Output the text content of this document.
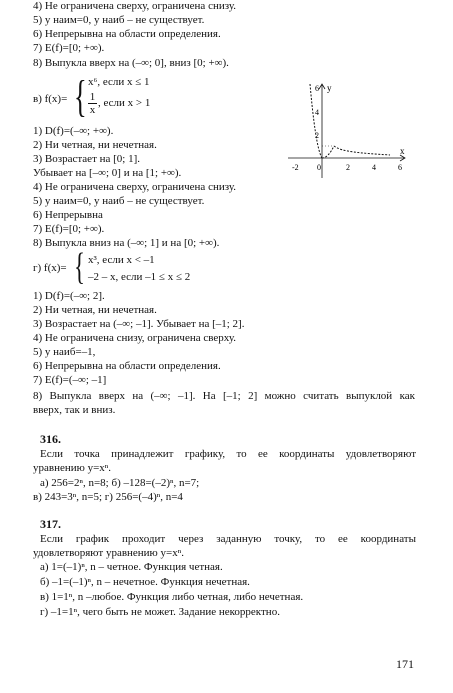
4) Не ограничена сверху, ограничена снизу.
5) y наим=0, y наиб – не существует.
6) Непрерывна на области определения.
7) E(f)=[0; +∞).
8) Выпукла вверх на (–∞; 0], вниз [0; +∞).
в) f(x)= { x⁶, если x ≤ 1
$\frac{1}{x}$ , если x > 1
1) D(f)=(–∞; +∞).
2) Ни четная, ни нечетная.
3) Возрастает на [0; 1].
Убывает на [–∞; 0] и на [1; +∞).
4) Не ограничена сверху, ограничена снизу.
5) y наим=0, y наиб – не существует.
6) Непрерывна
7) E(f)=[0; +∞).
8) Выпукла вниз на (–∞; 1] и на [0; +∞).
y
x
6
4
2
-2 0	2	4	6
г) f(x)= { x³, если x < –1
–2 – x, если –1 ≤ x ≤ 2
1) D(f)=(–∞; 2].
2) Ни четная, ни нечетная.
3) Возрастает на (–∞; –1]. Убывает на [–1; 2].
4) Не ограничена снизу, ограничена сверху.
5) y наиб=–1,
6) Непрерывна на области определения.
7) E(f)=(–∞; –1]
8) Выпукла вверх на (–∞; –1]. На [–1; 2] можно считать выпуклой как
вверх, так и вниз.
316.
Если точка принадлежит графику, то ее координаты удовлетворяют
уравнению y=xⁿ.
а) 256=2ⁿ, n=8; б) –128=(–2)ⁿ, n=7;
в) 243=3ⁿ, n=5; г) 256=(–4)ⁿ, n=4
317.
Если график проходит через заданную точку, то ее координаты
удовлетворяют уравнению y=xⁿ.
а) 1=(–1)ⁿ, n – четное. Функция четная.
б) –1=(–1)ⁿ, n – нечетное. Функция нечетная.
в) 1=1ⁿ, n –любое. Функция либо четная, либо нечетная.
г) –1=1ⁿ, чего быть не может. Задание некорректно.
171
